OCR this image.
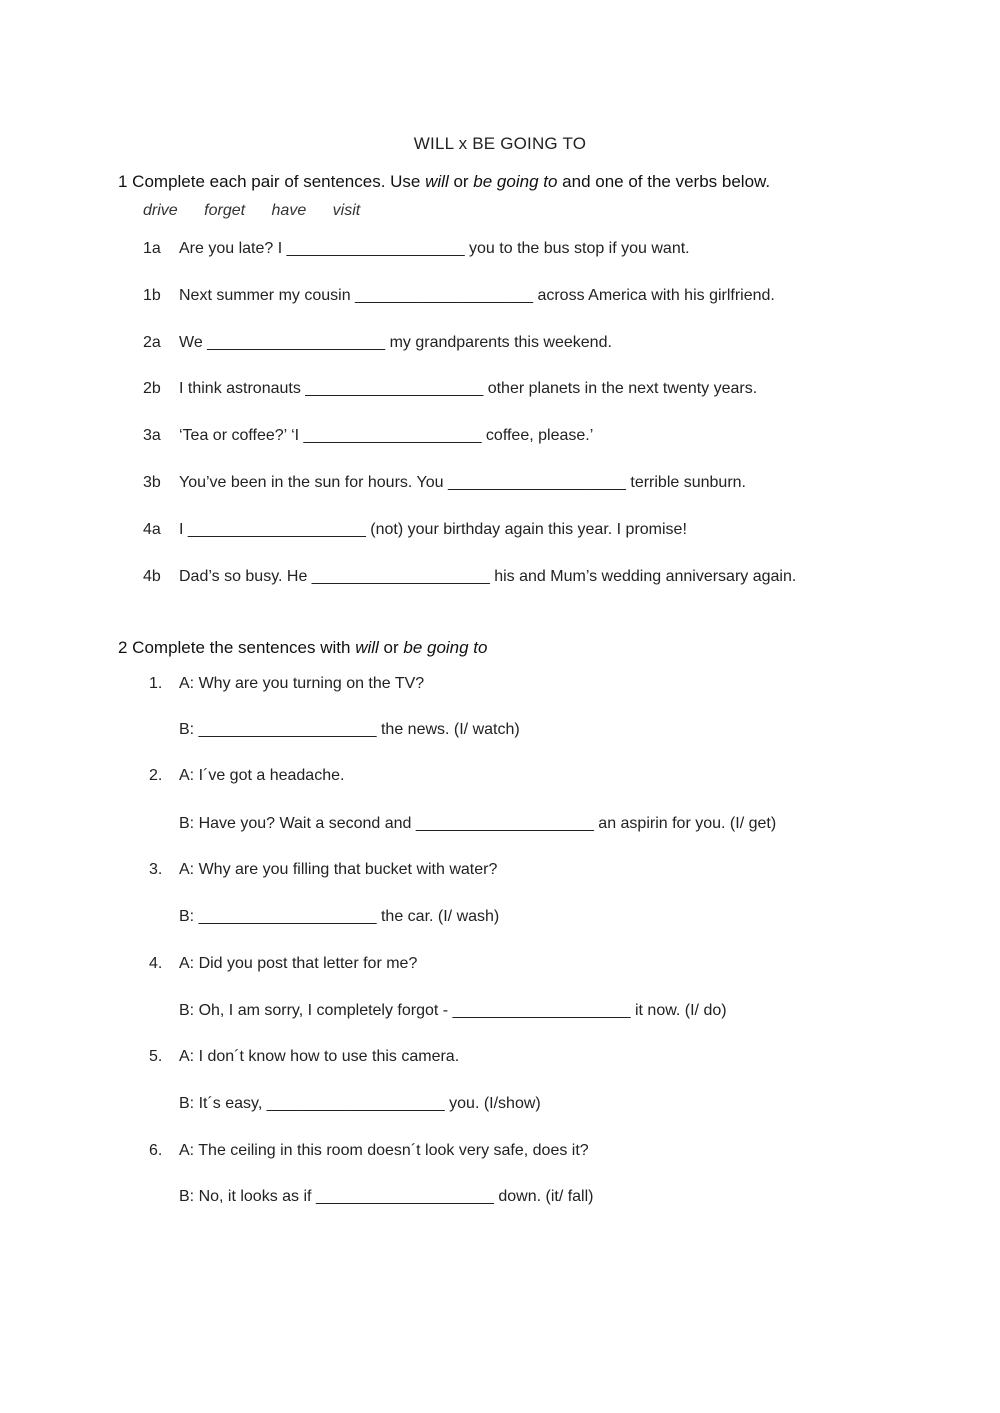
WILL x BE GOING TO
1 Complete each pair of sentences. Use will or be going to and one of the verbs below.
drive forget have visit
1a Are you late? I ____________________ you to the bus stop if you want.
1b Next summer my cousin ____________________ across America with his girlfriend.
2a We ____________________ my grandparents this weekend.
2b I think astronauts ____________________ other planets in the next twenty years.
3a ‘Tea or coffee?’ ‘I ____________________ coffee, please.’
3b You’ve been in the sun for hours. You ____________________ terrible sunburn.
4a I ____________________ (not) your birthday again this year. I promise!
4b Dad’s so busy. He ____________________ his and Mum’s wedding anniversary again.
2 Complete the sentences with will or be going to
1. A: Why are you turning on the TV?
B: ____________________ the news. (I/ watch)
2. A: I´ve got a headache.
B: Have you? Wait a second and ____________________ an aspirin for you. (I/ get)
3. A: Why are you filling that bucket with water?
B: ____________________ the car. (I/ wash)
4. A: Did you post that letter for me?
B: Oh, I am sorry, I completely forgot - ____________________ it now. (I/ do)
5. A: I don´t know how to use this camera.
B: It´s easy, ____________________ you. (I/show)
6. A: The ceiling in this room doesn´t look very safe, does it?
B: No, it looks as if ____________________ down. (it/ fall)
